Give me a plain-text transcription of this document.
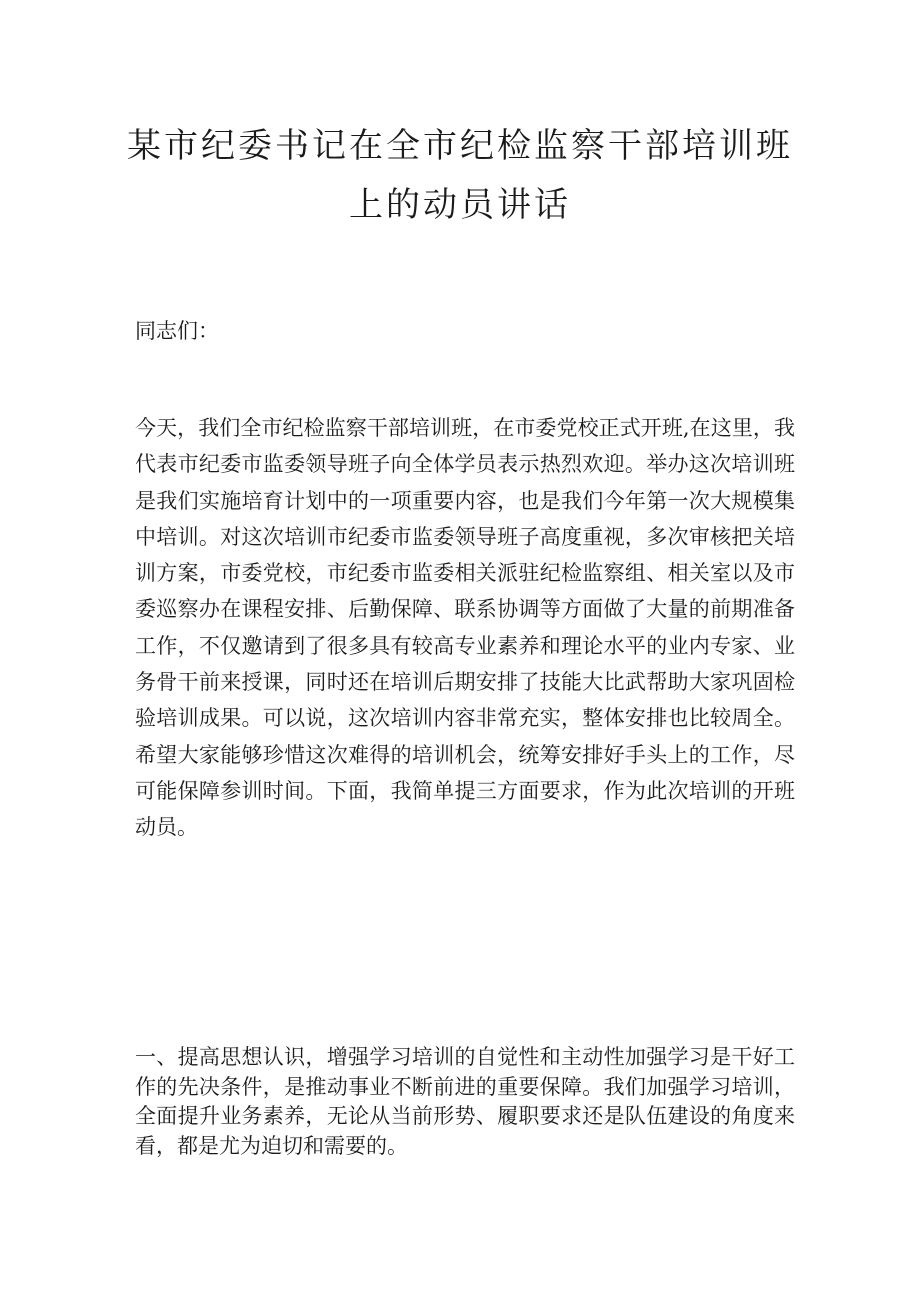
某市纪委书记在全市纪检监察干部培训班
上的动员讲话

同志们：

今天，我们全市纪检监察干部培训班，在市委党校正式开班,在这里，我代表市纪委市监委领导班子向全体学员表示热烈欢迎。举办这次培训班是我们实施培育计划中的一项重要内容，也是我们今年第一次大规模集中培训。对这次培训市纪委市监委领导班子高度重视，多次审核把关培训方案，市委党校，市纪委市监委相关派驻纪检监察组、相关室以及市委巡察办在课程安排、后勤保障、联系协调等方面做了大量的前期准备工作，不仅邀请到了很多具有较高专业素养和理论水平的业内专家、业务骨干前来授课，同时还在培训后期安排了技能大比武帮助大家巩固检验培训成果。可以说，这次培训内容非常充实，整体安排也比较周全。希望大家能够珍惜这次难得的培训机会，统筹安排好手头上的工作，尽可能保障参训时间。下面，我简单提三方面要求，作为此次培训的开班动员。

一、提高思想认识，增强学习培训的自觉性和主动性加强学习是干好工作的先决条件，是推动事业不断前进的重要保障。我们加强学习培训，全面提升业务素养，无论从当前形势、履职要求还是队伍建设的角度来看，都是尤为迫切和需要的。
